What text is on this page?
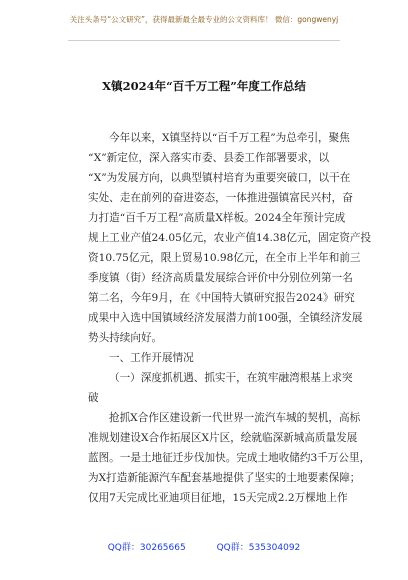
关注头条号“公文研究”，获得最新最全最专业的公文资料库！ 微信：gongwenyj
X镇2024年“百千万工程”年度工作总结
今年以来，X镇坚持以“百千万工程”为总牵引，聚焦
“X”新定位，深入落实市委、县委工作部署要求，以
“X”为发展方向，以典型镇村培育为重要突破口，以干在
实处、走在前列的奋进姿态，一体推进强镇富民兴村，奋
力打造“百千万工程”高质量X样板。2024全年预计完成
规上工业产值24.05亿元，农业产值14.38亿元，固定资产投
资10.75亿元，限上贸易10.98亿元，在全市上半年和前三
季度镇（街）经济高质量发展综合评价中分别位列第一名
第二名，今年9月，在《中国特大镇研究报告2024》研究
成果中入选中国镇域经济发展潜力前100强，全镇经济发展
势头持续向好。
一、工作开展情况
（一）深度抓机遇、抓实干，在筑牢融湾根基上求突
破
抢抓X合作区建设新一代世界一流汽车城的契机，高标
准规划建设X合作拓展区X片区，绘就临深新城高质量发展
蓝图。一是土地征迁步伐加快。完成土地收储约3千万公里，
为X打造新能源汽车配套基地提供了坚实的土地要素保障；
仅用7天完成比亚迪项目征地，15天完成2.2万棵地上作
QQ群：30265665	QQ群：535304092
